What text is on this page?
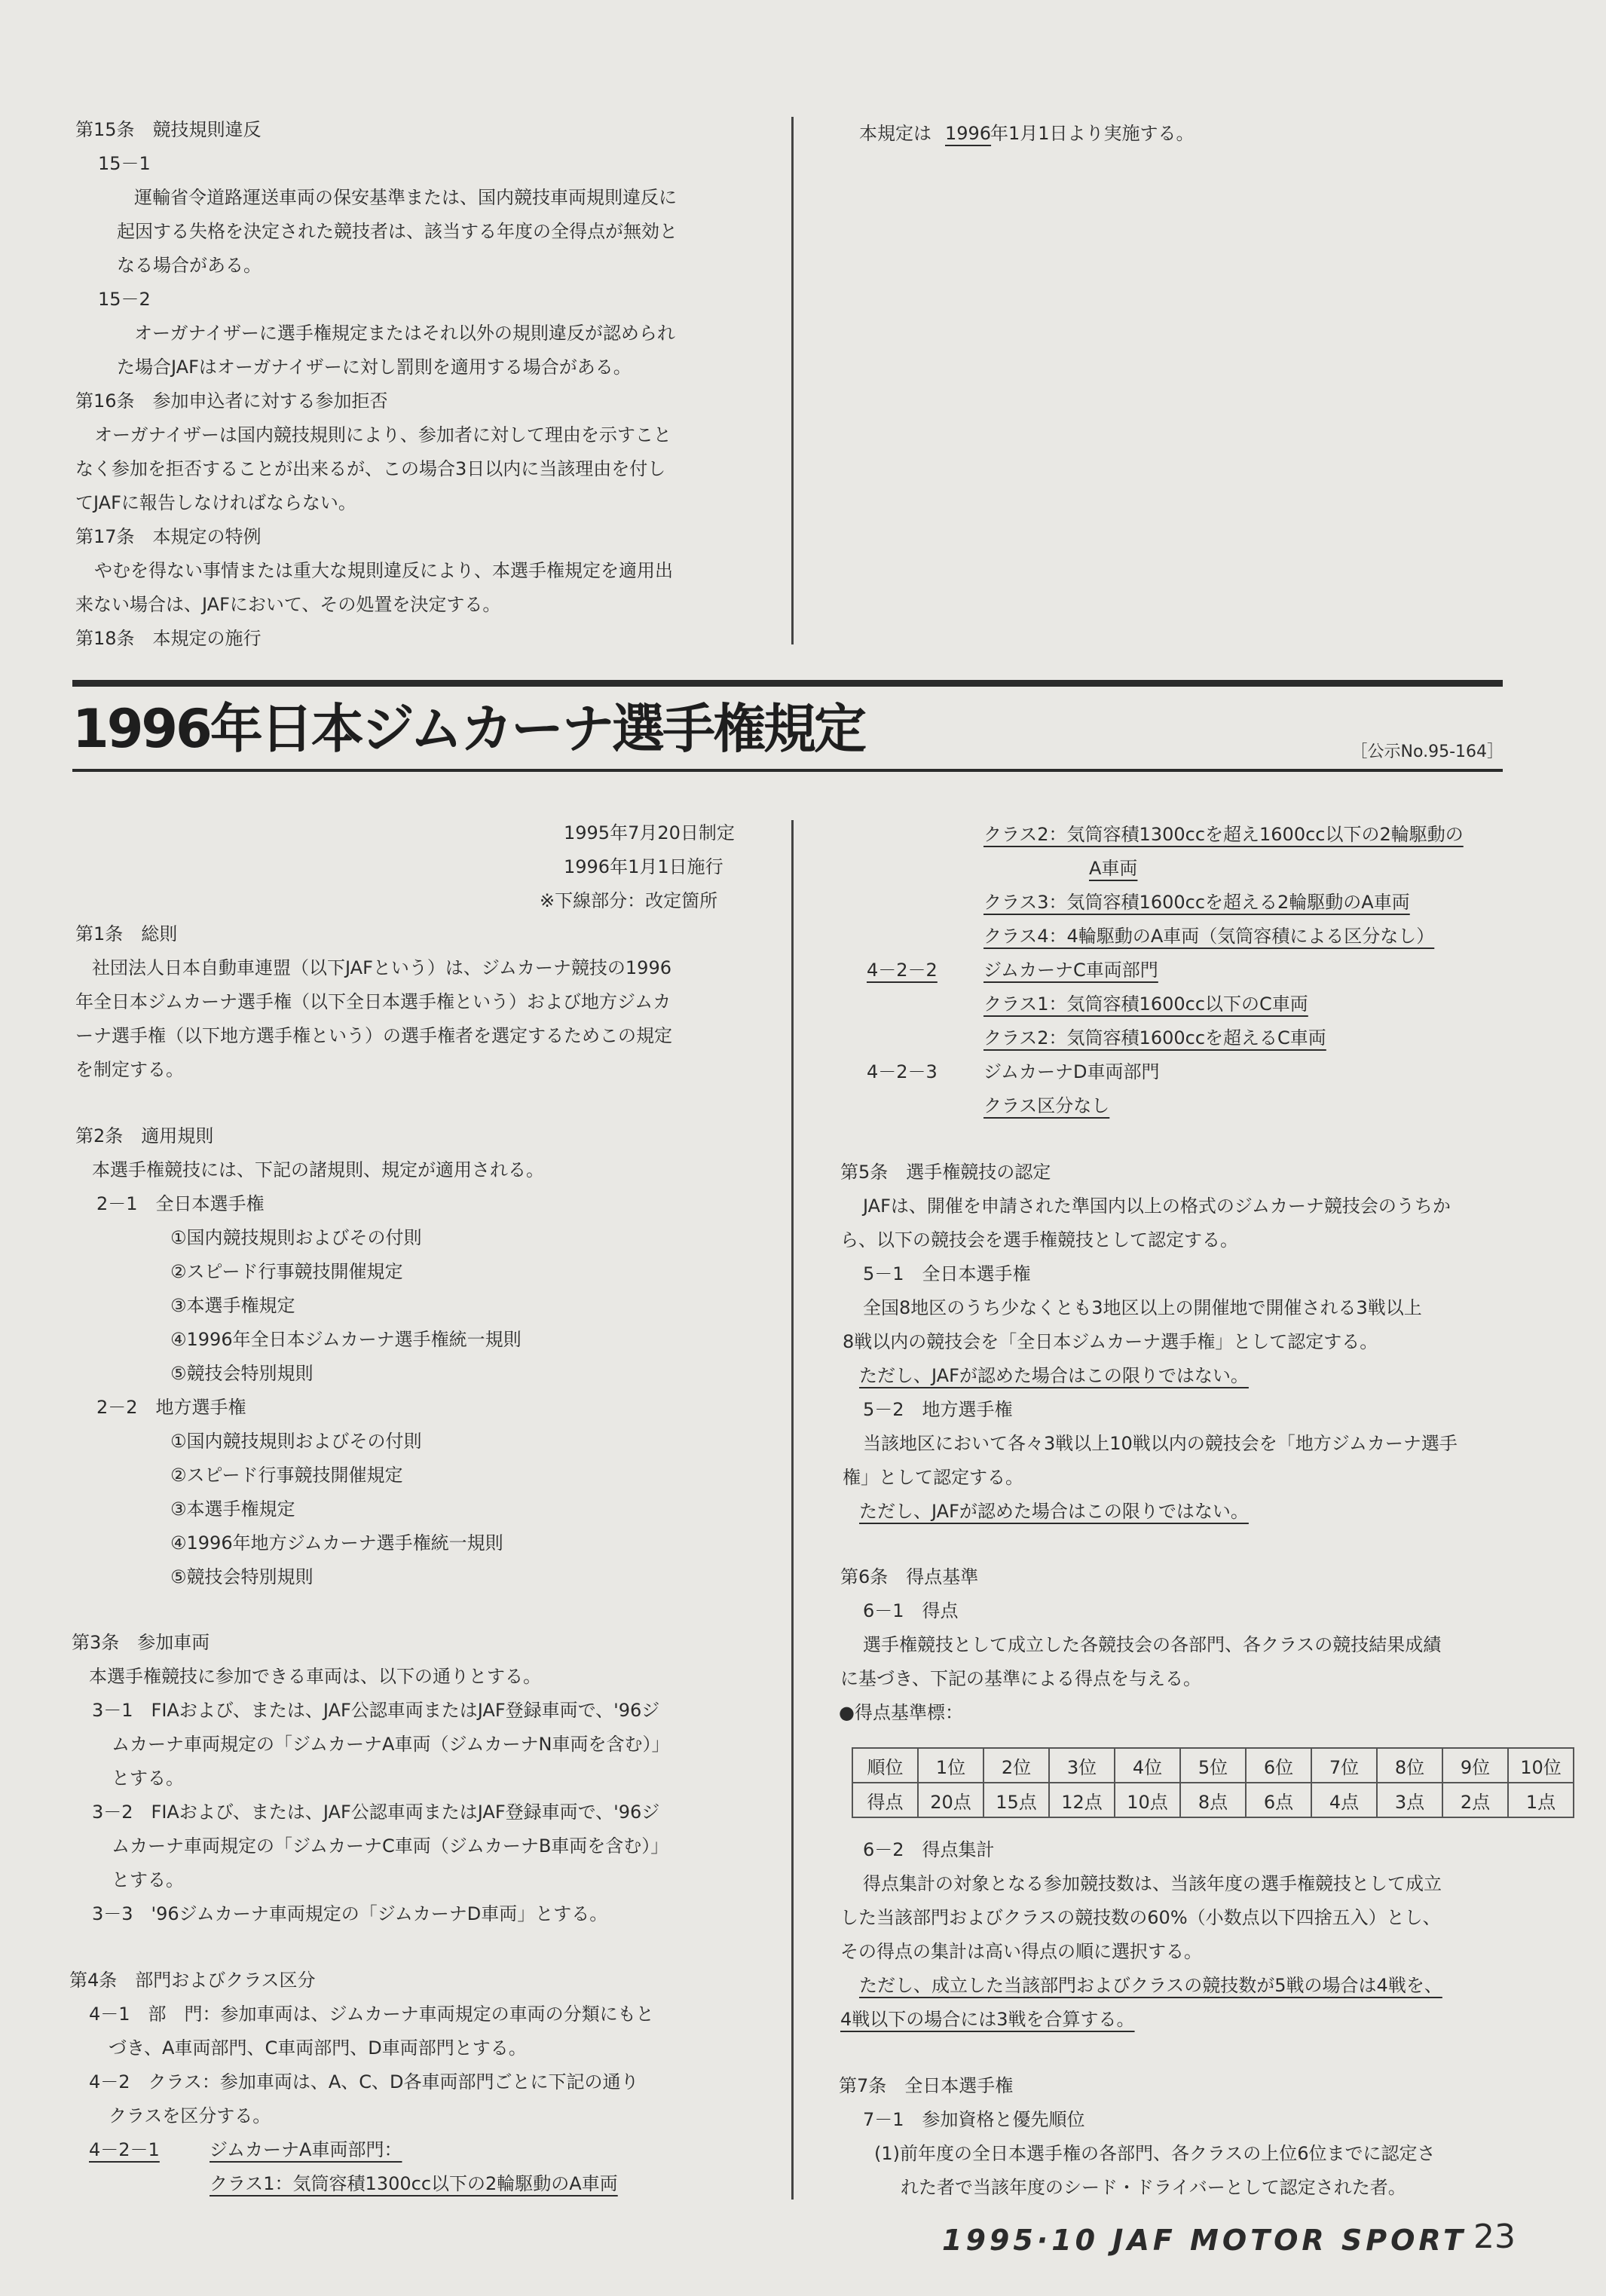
1996年日本ジムカーナ選手権規定	［公示No.95-164］
第15条　競技規則違反
15－1
運輸省令道路運送車両の保安基準または、国内競技車両規則違反に
起因する失格を決定された競技者は、該当する年度の全得点が無効と
なる場合がある。
15－2
オーガナイザーに選手権規定またはそれ以外の規則違反が認められ
た場合JAFはオーガナイザーに対し罰則を適用する場合がある。
第16条　参加申込者に対する参加拒否
オーガナイザーは国内競技規則により、参加者に対して理由を示すこと
なく参加を拒否することが出来るが、この場合3日以内に当該理由を付し
てJAFに報告しなければならない。
第17条　本規定の特例
やむを得ない事情または重大な規則違反により、本選手権規定を適用出
来ない場合は、JAFにおいて、その処置を決定する。
第18条　本規定の施行
本規定は 1996
年1月1日より実施する。
1995年7月20日制定
1996年1月1日施行
※下線部分：改定箇所
第1条　総則
社団法人日本自動車連盟（以下JAFという）は、ジムカーナ競技の1996
年全日本ジムカーナ選手権（以下全日本選手権という）および地方ジムカ
ーナ選手権（以下地方選手権という）の選手権者を選定するためこの規定
を制定する。
第2条　適用規則
本選手権競技には、下記の諸規則、規定が適用される。
2－1　全日本選手権
①国内競技規則およびその付則
②スピード行事競技開催規定
③本選手権規定
④1996年全日本ジムカーナ選手権統一規則
⑤競技会特別規則
2－2　地方選手権
①国内競技規則およびその付則
②スピード行事競技開催規定
③本選手権規定
④1996年地方ジムカーナ選手権統一規則
⑤競技会特別規則
第3条　参加車両
本選手権競技に参加できる車両は、以下の通りとする。
3－1　FIAおよび、または、JAF公認車両またはJAF登録車両で、'96ジ
ムカーナ車両規定の「ジムカーナA車両（ジムカーナN車両を含む）」
とする。
3－2　FIAおよび、または、JAF公認車両またはJAF登録車両で、'96ジ
ムカーナ車両規定の「ジムカーナC車両（ジムカーナB車両を含む）」
とする。
3－3　'96ジムカーナ車両規定の「ジムカーナD車両」とする。
第4条　部門およびクラス区分
4－1　部　門：参加車両は、ジムカーナ車両規定の車両の分類にもと
づき、A車両部門、C車両部門、D車両部門とする。
4－2　クラス：参加車両は、A、C、D各車両部門ごとに下記の通り
クラスを区分する。
4－2－1	ジムカーナA車両部門：
クラス1：気筒容積1300cc以下の2輪駆動のA車両
クラス2：気筒容積1300ccを超え1600cc以下の2輪駆動の
A車両
クラス3：気筒容積1600ccを超える2輪駆動のA車両
クラス4：4輪駆動のA車両（気筒容積による区分なし）
4－2－2	ジムカーナC車両部門
クラス1：気筒容積1600cc以下のC車両
クラス2：気筒容積1600ccを超えるC車両
4－2－3	ジムカーナD車両部門
クラス区分なし
第5条　選手権競技の認定
JAFは、開催を申請された準国内以上の格式のジムカーナ競技会のうちか
ら、以下の競技会を選手権競技として認定する。
5－1　全日本選手権
全国8地区のうち少なくとも3地区以上の開催地で開催される3戦以上
8戦以内の競技会を「全日本ジムカーナ選手権」として認定する。
ただし、JAFが認めた場合はこの限りではない。
5－2　地方選手権
当該地区において各々3戦以上10戦以内の競技会を「地方ジムカーナ選手
権」として認定する。
ただし、JAFが認めた場合はこの限りではない。
第6条　得点基準
6－1　得点
選手権競技として成立した各競技会の各部門、各クラスの競技結果成績
に基づき、下記の基準による得点を与える。
●得点基準標：
6－2　得点集計
得点集計の対象となる参加競技数は、当該年度の選手権競技として成立
した当該部門およびクラスの競技数の60%（小数点以下四捨五入）とし、
その得点の集計は高い得点の順に選択する。
ただし、成立した当該部門およびクラスの競技数が5戦の場合は4戦を、
4戦以下の場合には3戦を合算する。
第7条　全日本選手権
7－1　参加資格と優先順位
(1)前年度の全日本選手権の各部門、各クラスの上位6位までに認定さ
れた者で当該年度のシード・ドライバーとして認定された者。
順位	1位	2位	3位	4位	5位	6位	7位	8位	9位	10位
得点	20点	15点	12点	10点	8点	6点	4点	3点	2点	1点
1995·10 JAF MOTOR SPORT 23
